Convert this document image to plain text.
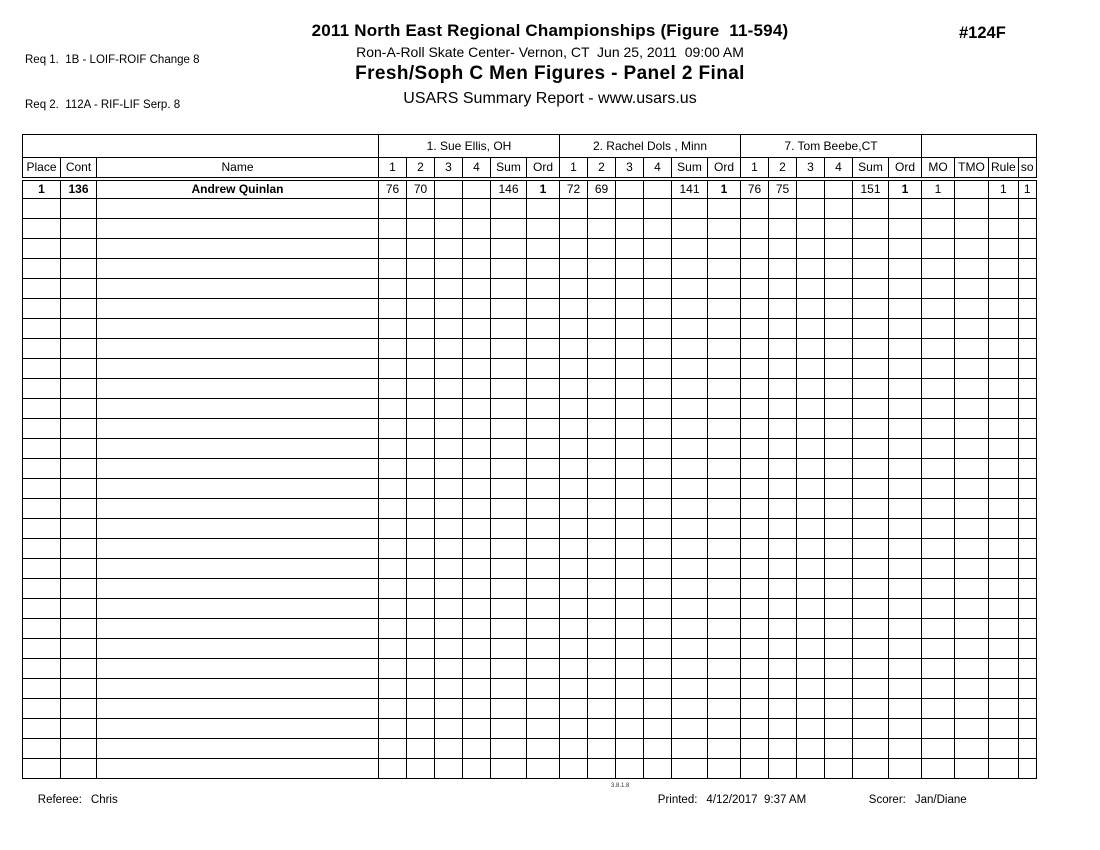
Req 1.  1B - LOIF-ROIF Change 8

Req 2.  112A - RIF-LIF Serp. 8

2011 North East Regional Championships (Figure  11-594)
Ron-A-Roll Skate Center- Vernon, CT  Jun 25, 2011  09:00 AM
Fresh/Soph C Men Figures - Panel 2 Final
USARS Summary Report - www.usars.us
#124F
			1. Sue Ellis, OH						2. Rachel Dols , Minn						7. Tom Beebe,CT									
Place	Cont	Name	1	2	3	4	Sum	Ord	1	2	3	4	Sum	Ord	1	2	3	4	Sum	Ord	MO	TMO	Rule	so
1	136	Andrew Quinlan	76	70			146	1	72	69			141	1	76	75			151	1	1		1	1

Referee: Chris

3.8.1.8

Printed: 4/12/2017  9:37 AM
	Scorer: Jan/Diane
